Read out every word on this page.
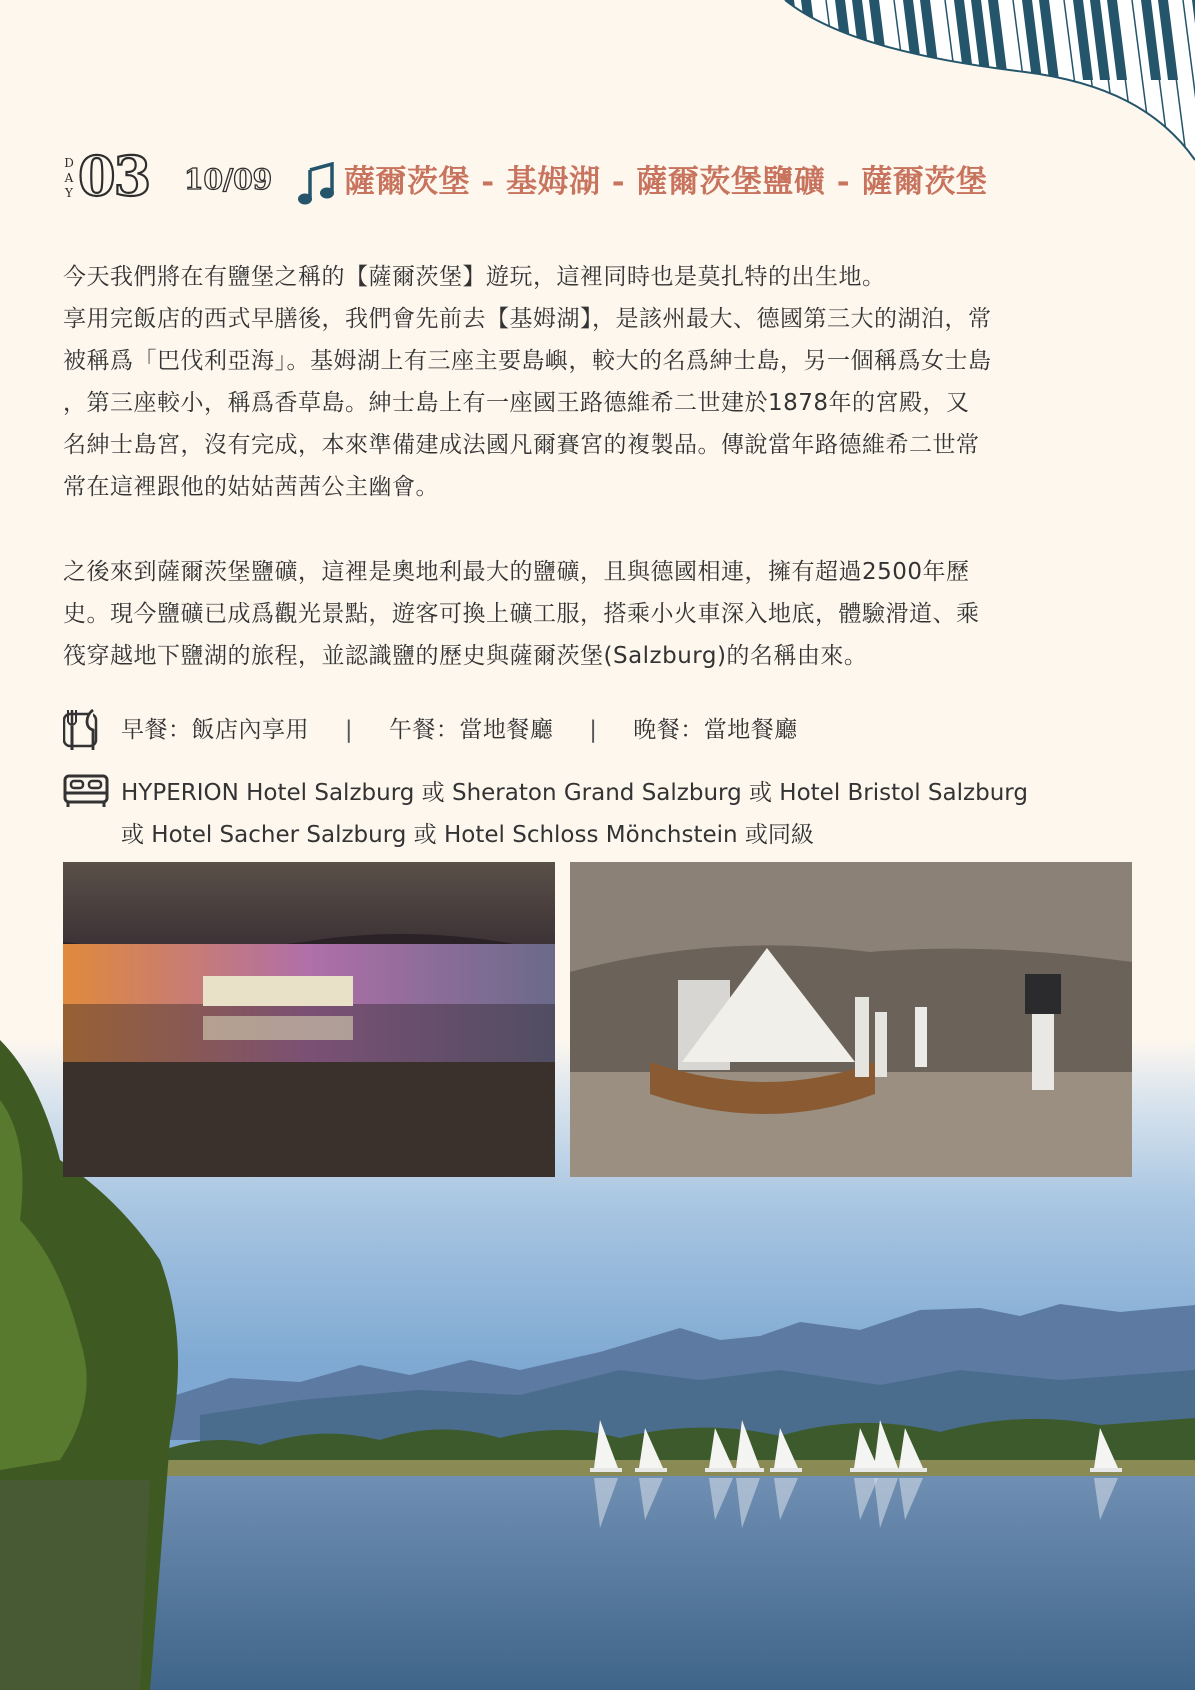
D
A
Y 03 10/09 薩爾茨堡 - 基姆湖 - 薩爾茨堡鹽礦 - 薩爾茨堡
今天我們將在有鹽堡之稱的【薩爾茨堡】遊玩，這裡同時也是莫扎特的出生地。
享用完飯店的西式早膳後，我們會先前去【基姆湖】，是該州最大、德國第三大的湖泊，常
被稱爲「巴伐利亞海」。基姆湖上有三座主要島嶼，較大的名爲紳士島，另一個稱爲女士島
，第三座較小，稱爲香草島。紳士島上有一座國王路德維希二世建於1878年的宮殿，又
名紳士島宮，沒有完成，本來準備建成法國凡爾賽宮的複製品。傳說當年路德維希二世常
常在這裡跟他的姑姑茜茜公主幽會。
之後來到薩爾茨堡鹽礦，這裡是奧地利最大的鹽礦，且與德國相連，擁有超過2500年歷
史。現今鹽礦已成爲觀光景點，遊客可換上礦工服，搭乘小火車深入地底，體驗滑道、乘
筏穿越地下鹽湖的旅程，並認識鹽的歷史與薩爾茨堡(Salzburg)的名稱由來。
早餐：飯店內享用 | 午餐：當地餐廳 | 晚餐：當地餐廳
HYPERION Hotel Salzburg 或 Sheraton Grand Salzburg 或 Hotel Bristol Salzburg
或 Hotel Sacher Salzburg 或 Hotel Schloss Mönchstein 或同級
